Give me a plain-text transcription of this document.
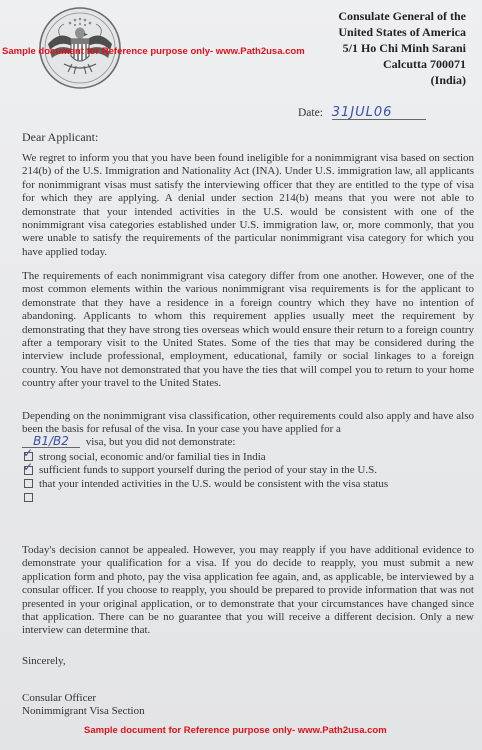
Sample document for Reference purpose only- www.Path2usa.com
Consulate General of the
United States of America
5/1 Ho Chi Minh Sarani
Calcutta 700071
(India)
Date: 31JUL06
Dear Applicant:

We regret to inform you that you have been found ineligible for a nonimmigrant visa based on section 214(b) of the U.S. Immigration and Nationality Act (INA). Under U.S. immigration law, all applicants for nonimmigrant visas must satisfy the interviewing officer that they are entitled to the type of visa for which they are applying. A denial under section 214(b) means that you were not able to demonstrate that your intended activities in the U.S. would be consistent with one of the nonimmigrant visa categories established under U.S. immigration law, or, more commonly, that you were unable to satisfy the requirements of the particular nonimmigrant visa category for which you have applied today.

The requirements of each nonimmigrant visa category differ from one another. However, one of the most common elements within the various nonimmigrant visa requirements is for the applicant to demonstrate that they have a residence in a foreign country which they have no intention of abandoning. Applicants to whom this requirement applies usually meet the requirement by demonstrating that they have strong ties overseas which would ensure their return to a foreign country after a temporary visit to the United States. Some of the ties that may be considered during the interview include professional, employment, educational, family or social linkages to a foreign country. You have not demonstrated that you have the ties that will compel you to return to your home country after your travel to the United States.

Depending on the nonimmigrant visa classification, other requirements could also apply and have also been the basis for refusal of the visa. In your case you have applied for a

B1/B2 visa, but you did not demonstrate:
✓ strong social, economic and/or familial ties in India
✓ sufficient funds to support yourself during the period of your stay in the U.S.
that your intended activities in the U.S. would be consistent with the visa status

Today's decision cannot be appealed. However, you may reapply if you have additional evidence to demonstrate your qualification for a visa. If you do decide to reapply, you must submit a new application form and photo, pay the visa application fee again, and, as applicable, be interviewed by a consular officer. If you choose to reapply, you should be prepared to provide information that was not presented in your original application, or to demonstrate that your circumstances have changed since that application. There can be no guarantee that you will receive a different decision. Only a new interview can determine that.

Sincerely,
Consular Officer
Nonimmigrant Visa Section
Sample document for Reference purpose only- www.Path2usa.com
